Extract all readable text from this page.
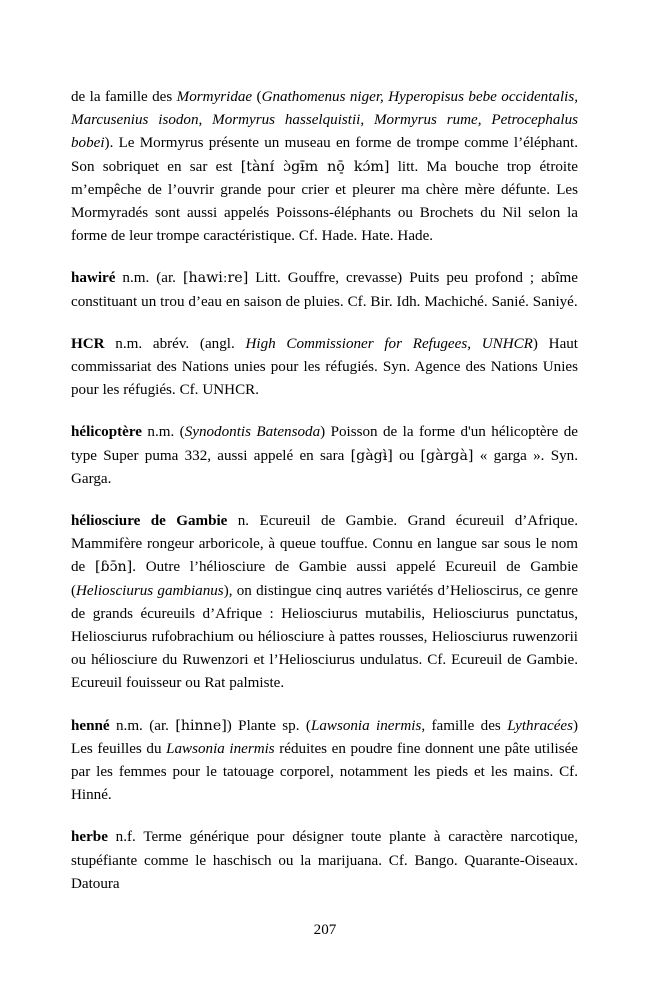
de la famille des Mormyridae (Gnathomenus niger, Hyperopisus bebe occidentalis, Marcusenius isodon, Mormyrus hasselquistii, Mormyrus rume, Petrocephalus bobei). Le Mormyrus présente un museau en forme de trompe comme l’éléphant. Son sobriquet en sar est [tànɪ́ ɔ̀gɨ̄m nō̠ kɔ́m] litt. Ma bouche trop étroite m’empêche de l’ouvrir grande pour crier et pleurer ma chère mère défunte. Les Mormyradés sont aussi appelés Poissons-éléphants ou Brochets du Nil selon la forme de leur trompe caractéristique. Cf. Hade. Hate. Hade.

hawiré n.m. (ar. [hawiːre] Litt. Gouffre, crevasse) Puits peu profond ; abîme constituant un trou d’eau en saison de pluies. Cf. Bir. Idh. Machiché. Sanié. Saniyé.

HCR n.m. abrév. (angl. High Commissioner for Refugees, UNHCR) Haut commissariat des Nations unies pour les réfugiés. Syn. Agence des Nations Unies pour les réfugiés. Cf. UNHCR.

hélicoptère n.m. (Synodontis Batensoda) Poisson de la forme d'un hélicoptère de type Super puma 332, aussi appelé en sara [gàgɨ̀] ou [gàrgà] « garga ». Syn. Garga.

héliosciure de Gambie n. Ecureuil de Gambie. Grand écureuil d’Afrique. Mammifère rongeur arboricole, à queue touffue. Connu en langue sar sous le nom de [ɓɔ̄n]. Outre l’héliosciure de Gambie aussi appelé Ecureuil de Gambie (Heliosciurus gambianus), on distingue cinq autres variétés d’Helioscirus, ce genre de grands écureuils d’Afrique : Heliosciurus mutabilis, Heliosciurus punctatus, Heliosciurus rufobrachium ou héliosciure à pattes rousses, Heliosciurus ruwenzorii ou héliosciure du Ruwenzori et l’Heliosciurus undulatus. Cf. Ecureuil de Gambie. Ecureuil fouisseur ou Rat palmiste.

henné n.m. (ar. [hinne]) Plante sp. (Lawsonia inermis, famille des Lythracées) Les feuilles du Lawsonia inermis réduites en poudre fine donnent une pâte utilisée par les femmes pour le tatouage corporel, notamment les pieds et les mains. Cf. Hinné.

herbe n.f. Terme générique pour désigner toute plante à caractère narcotique, stupéfiante comme le haschisch ou la marijuana. Cf. Bango. Quarante-Oiseaux. Datoura

207
